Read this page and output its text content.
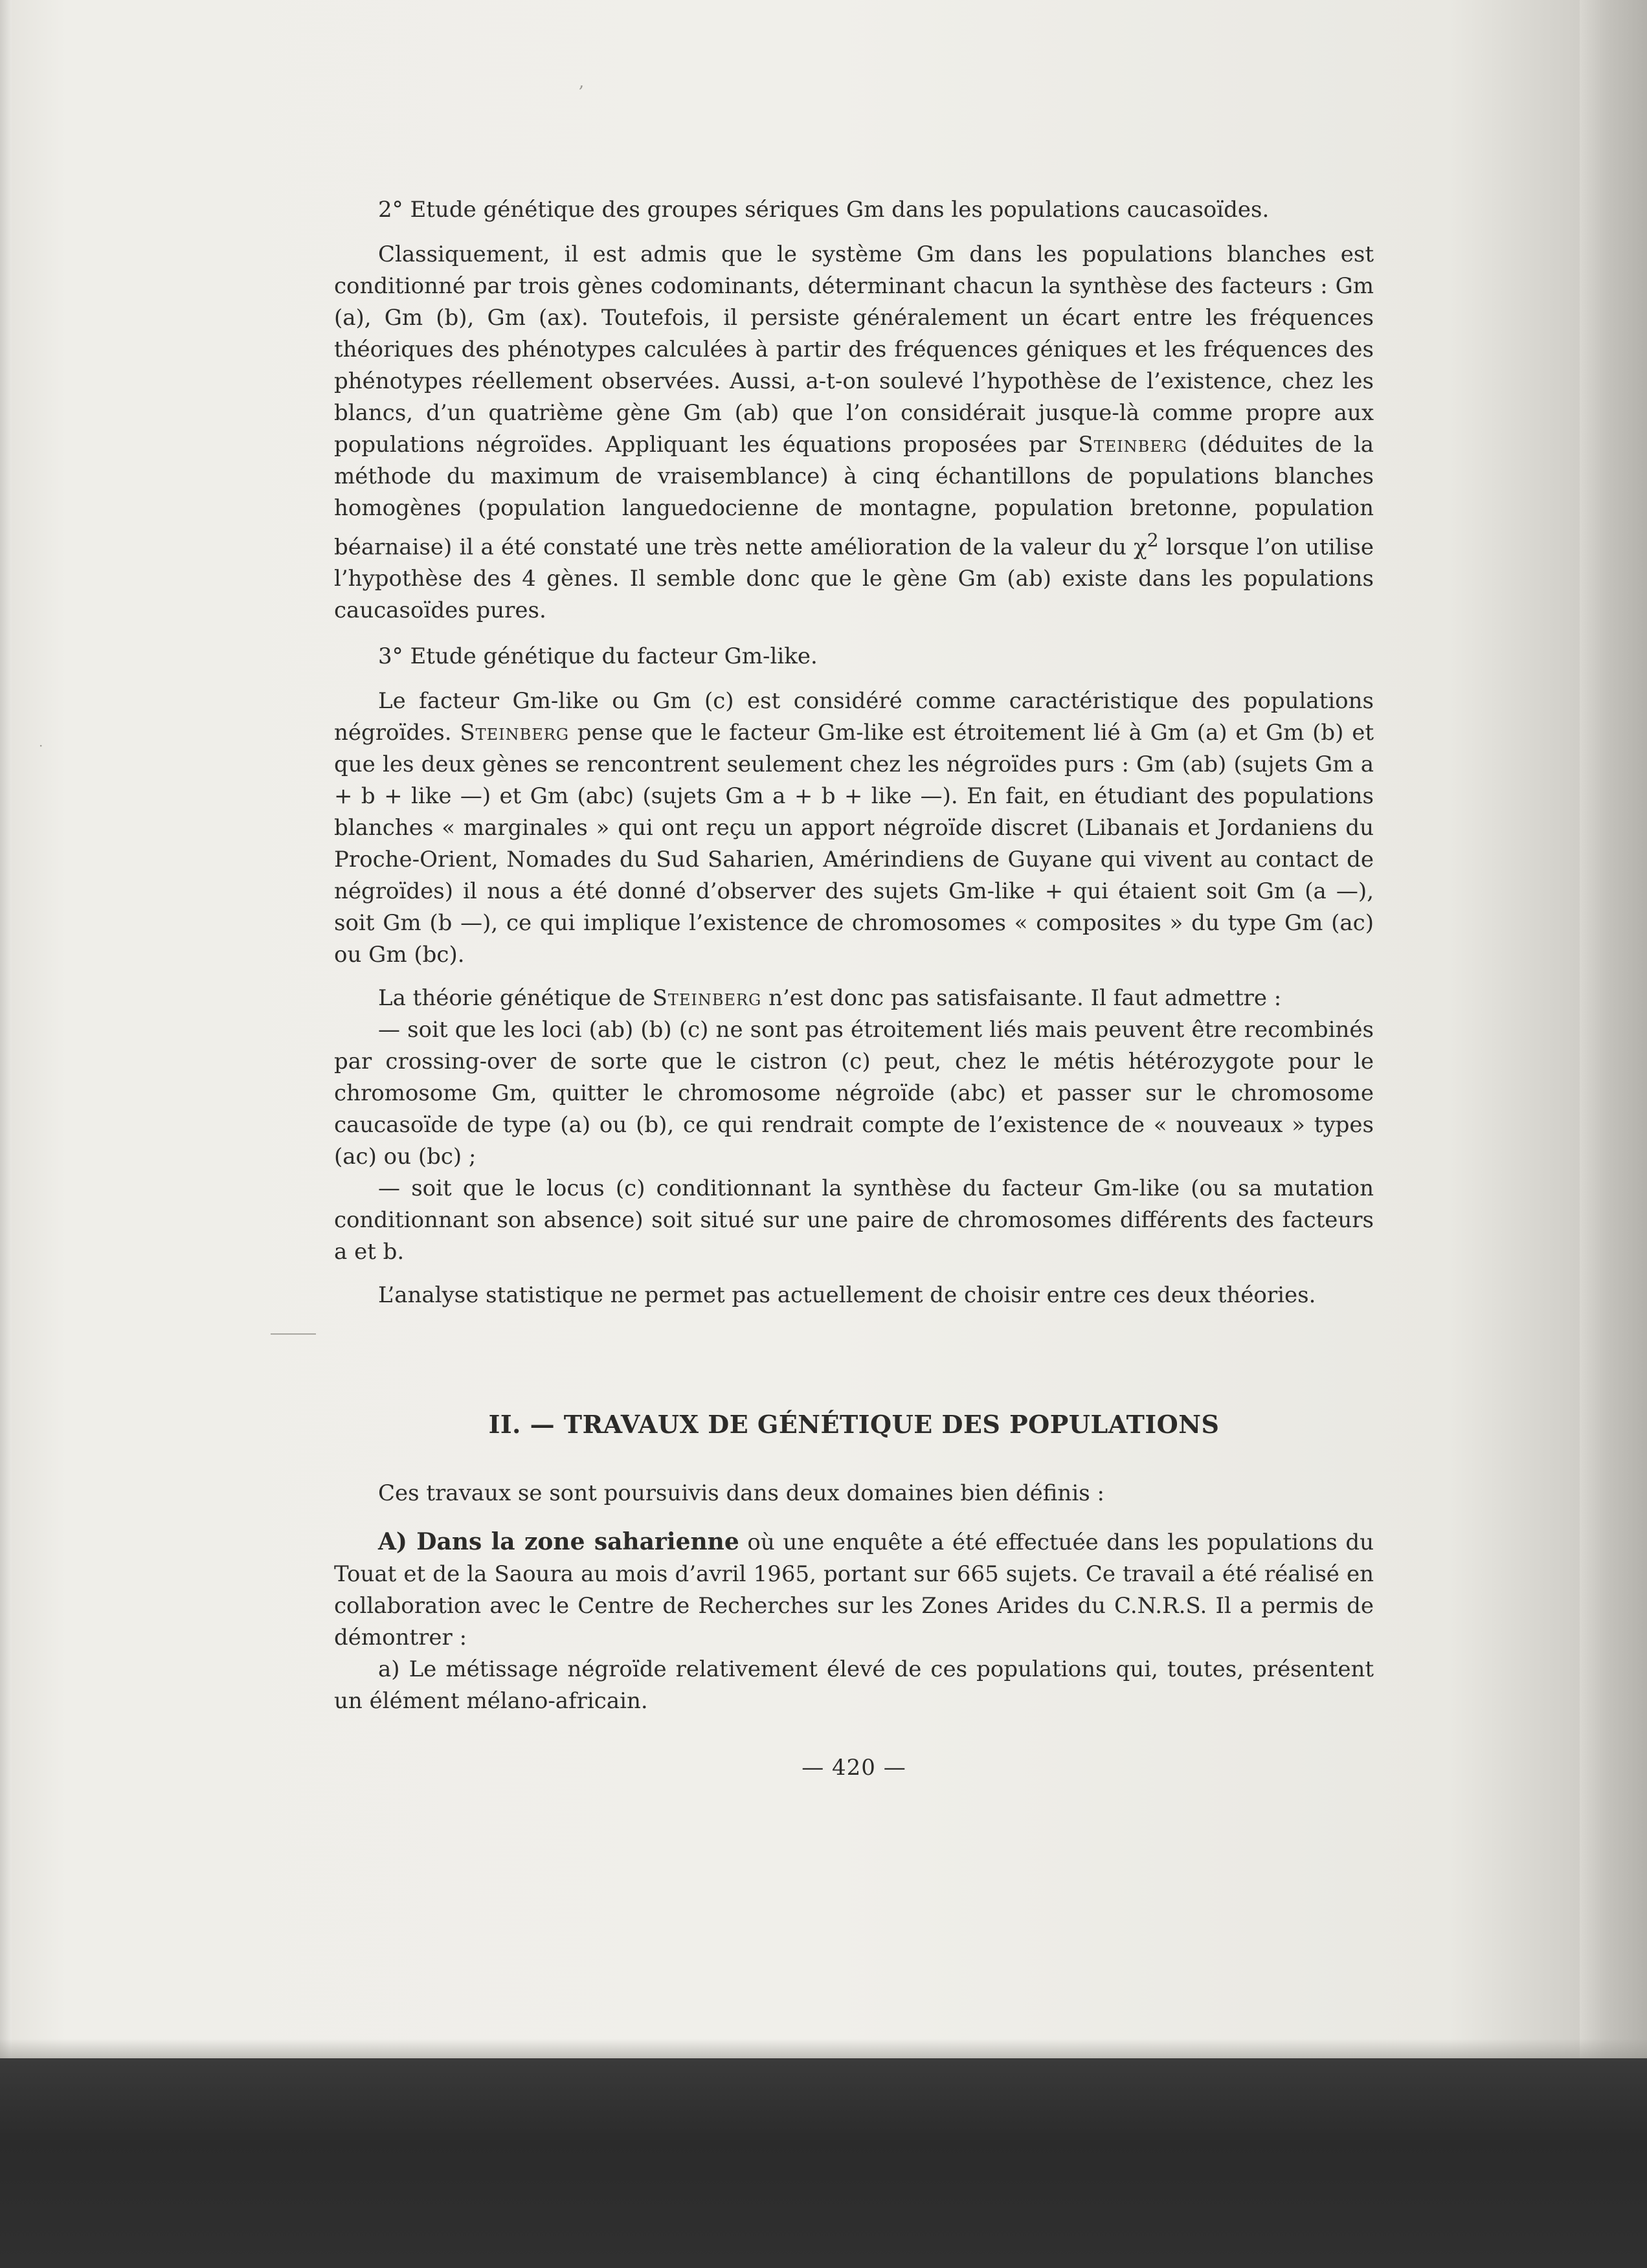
,
·

2° Etude génétique des groupes sériques Gm dans les populations caucasoïdes.

Classiquement, il est admis que le système Gm dans les populations blanches est conditionné par trois gènes codominants, déterminant chacun la synthèse des facteurs : Gm (a), Gm (b), Gm (ax). Toutefois, il persiste généralement un écart entre les fréquences théoriques des phénotypes calculées à partir des fréquences géniques et les fréquences des phénotypes réellement observées. Aussi, a-t-on soulevé l’hypothèse de l’existence, chez les blancs, d’un quatrième gène Gm (ab) que l’on considérait jusque-là comme propre aux populations négroïdes. Appliquant les équations proposées par Steinberg (déduites de la méthode du maximum de vraisemblance) à cinq échantillons de populations blanches homogènes (population languedocienne de montagne, population bretonne, population béarnaise) il a été constaté une très nette amélioration de la valeur du $\chi^2$ lorsque l’on utilise l’hypothèse des 4 gènes. Il semble donc que le gène Gm (ab) existe dans les populations caucasoïdes pures.

3° Etude génétique du facteur Gm-like.

Le facteur Gm-like ou Gm (c) est considéré comme caractéristique des populations négroïdes. Steinberg pense que le facteur Gm-like est étroitement lié à Gm (a) et Gm (b) et que les deux gènes se rencontrent seulement chez les négroïdes purs : Gm (ab) (sujets Gm a + b + like —) et Gm (abc) (sujets Gm a + b + like —). En fait, en étudiant des populations blanches « marginales » qui ont reçu un apport négroïde discret (Libanais et Jordaniens du Proche-Orient, Nomades du Sud Saharien, Amérindiens de Guyane qui vivent au contact de négroïdes) il nous a été donné d’observer des sujets Gm-like + qui étaient soit Gm (a —), soit Gm (b —), ce qui implique l’existence de chromosomes « composites » du type Gm (ac) ou Gm (bc).

La théorie génétique de Steinberg n’est donc pas satisfaisante. Il faut admettre :

— soit que les loci (ab) (b) (c) ne sont pas étroitement liés mais peuvent être recombinés par crossing-over de sorte que le cistron (c) peut, chez le métis hétérozygote pour le chromosome Gm, quitter le chromosome négroïde (abc) et passer sur le chromosome caucasoïde de type (a) ou (b), ce qui rendrait compte de l’existence de « nouveaux » types (ac) ou (bc) ;

— soit que le locus (c) conditionnant la synthèse du facteur Gm-like (ou sa mutation conditionnant son absence) soit situé sur une paire de chromosomes différents des facteurs a et b.

L’analyse statistique ne permet pas actuellement de choisir entre ces deux théories.

II. — TRAVAUX DE GÉNÉTIQUE DES POPULATIONS

Ces travaux se sont poursuivis dans deux domaines bien définis :

A) Dans la zone saharienne où une enquête a été effectuée dans les populations du Touat et de la Saoura au mois d’avril 1965, portant sur 665 sujets. Ce travail a été réalisé en collaboration avec le Centre de Recherches sur les Zones Arides du C.N.R.S. Il a permis de démontrer :

a) Le métissage négroïde relativement élevé de ces populations qui, toutes, présentent un élément mélano-africain.

— 420 —
